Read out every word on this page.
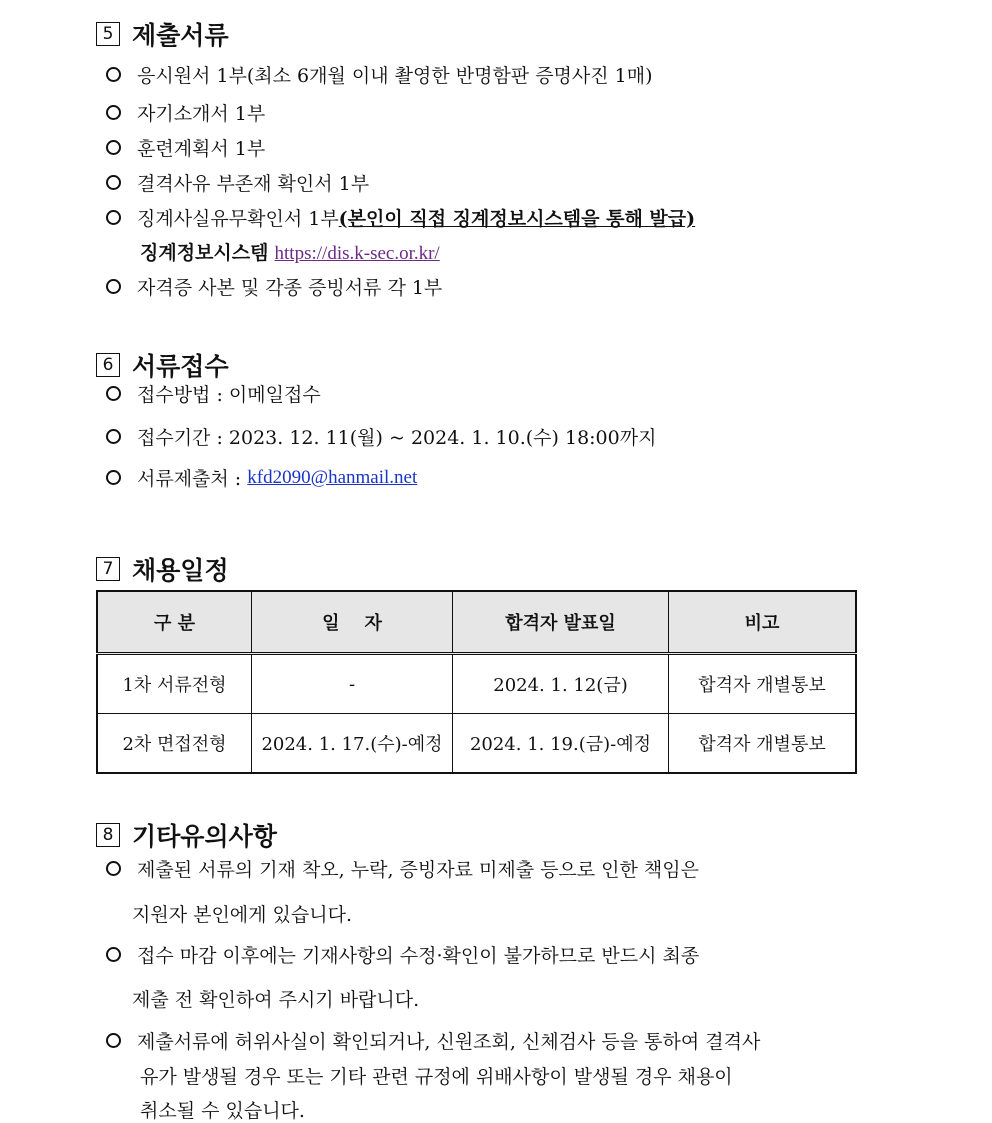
5 제출서류
응시원서 1부(최소 6개월 이내 촬영한 반명함판 증명사진 1매)
자기소개서 1부
훈련계획서 1부
결격사유 부존재 확인서 1부
징계사실유무확인서 1부 (본인이 직접 징계정보시스템을 통해 발급)
징계정보시스템 https://dis.k-sec.or.kr/
자격증 사본 및 각종 증빙서류 각 1부
6 서류접수
접수방법 : 이메일접수
접수기간 : 2023. 12. 11(월) ~ 2024. 1. 10.(수) 18:00까지
서류제출처 :
kfd2090@hanmail.net
7 채용일정
구 분	일    자	합격자 발표일	비고
1차 서류전형	-	2024. 1. 12(금)	합격자 개별통보
2차 면접전형	2024. 1. 17.(수)-예정	2024. 1. 19.(금)-예정	합격자 개별통보
8 기타유의사항
제출된 서류의 기재 착오, 누락, 증빙자료 미제출 등으로 인한 책임은
지원자 본인에게 있습니다.
접수 마감 이후에는 기재사항의 수정·확인이 불가하므로 반드시 최종
제출 전 확인하여 주시기 바랍니다.
제출서류에 허위사실이 확인되거나, 신원조회, 신체검사 등을 통하여 결격사
유가 발생될 경우 또는 기타 관련 규정에 위배사항이 발생될 경우 채용이
취소될 수 있습니다.
